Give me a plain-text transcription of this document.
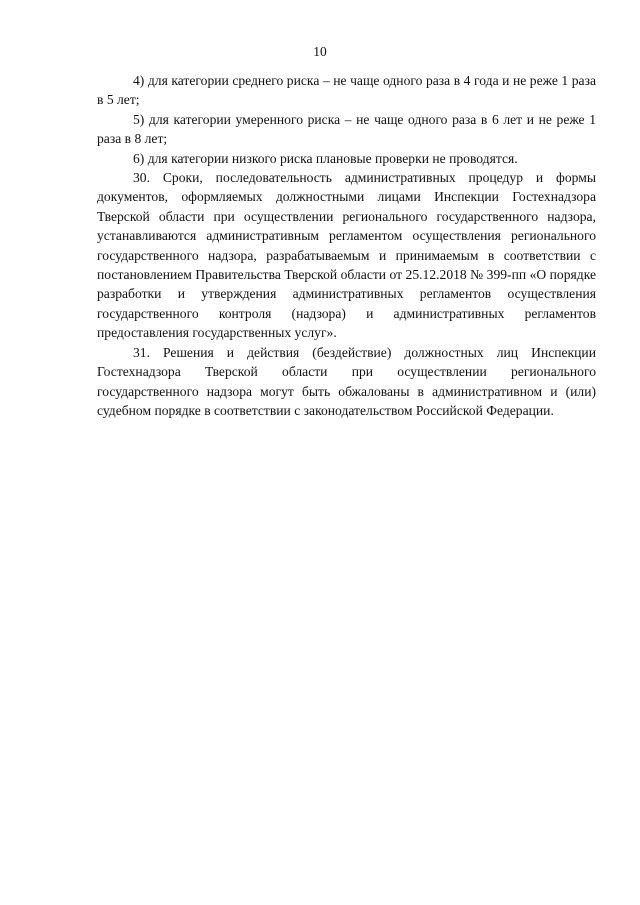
10

4) для категории среднего риска – не чаще одного раза в 4 года и не реже 1 раза в 5 лет;

5) для категории умеренного риска – не чаще одного раза в 6 лет и не реже 1 раза в 8 лет;

6) для категории низкого риска плановые проверки не проводятся.

30. Сроки, последовательность административных процедур и формы документов, оформляемых должностными лицами Инспекции Гостехнадзора Тверской области при осуществлении регионального государственного надзора, устанавливаются административным регламентом осуществления регионального государственного надзора, разрабатываемым и принимаемым в соответствии с постановлением Правительства Тверской области от 25.12.2018 № 399-пп «О порядке разработки и утверждения административных регламентов осуществления государственного контроля (надзора) и административных регламентов предоставления государственных услуг».

31. Решения и действия (бездействие) должностных лиц Инспекции Гостехнадзора Тверской области при осуществлении регионального государственного надзора могут быть обжалованы в административном и (или) судебном порядке в соответствии с законодательством Российской Федерации.
